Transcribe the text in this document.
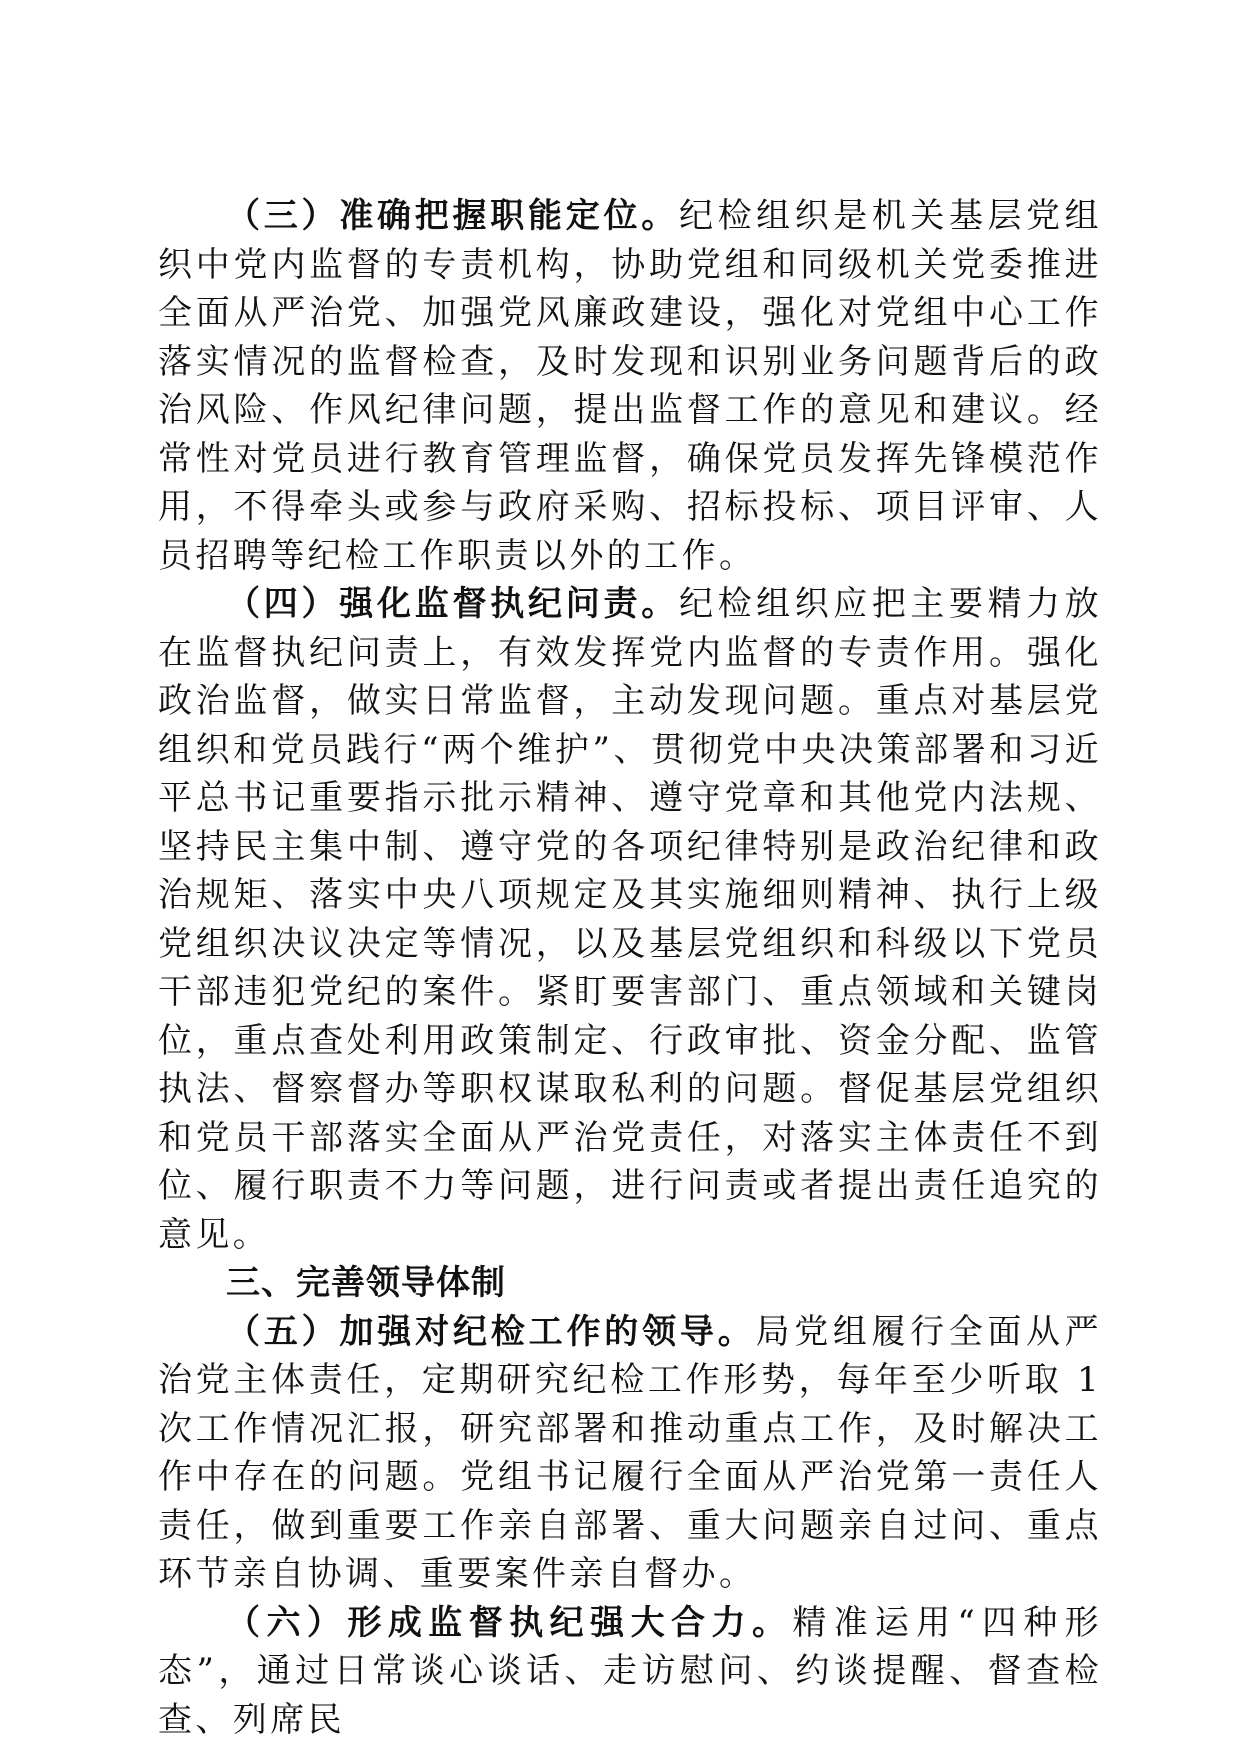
（三）准确把握职能定位。纪检组织是机关基层党组织中党内监督的专责机构，协助党组和同级机关党委推进全面从严治党、加强党风廉政建设，强化对党组中心工作落实情况的监督检查，及时发现和识别业务问题背后的政治风险、作风纪律问题，提出监督工作的意见和建议。经常性对党员进行教育管理监督，确保党员发挥先锋模范作用，不得牵头或参与政府采购、招标投标、项目评审、人员招聘等纪检工作职责以外的工作。

（四）强化监督执纪问责。纪检组织应把主要精力放在监督执纪问责上，有效发挥党内监督的专责作用。强化政治监督，做实日常监督，主动发现问题。重点对基层党组织和党员践行“两个维护”、贯彻党中央决策部署和习近平总书记重要指示批示精神、遵守党章和其他党内法规、坚持民主集中制、遵守党的各项纪律特别是政治纪律和政治规矩、落实中央八项规定及其实施细则精神、执行上级党组织决议决定等情况，以及基层党组织和科级以下党员干部违犯党纪的案件。紧盯要害部门、重点领域和关键岗位，重点查处利用政策制定、行政审批、资金分配、监管执法、督察督办等职权谋取私利的问题。督促基层党组织和党员干部落实全面从严治党责任，对落实主体责任不到位、履行职责不力等问题，进行问责或者提出责任追究的意见。

三、完善领导体制

（五）加强对纪检工作的领导。局党组履行全面从严治党主体责任，定期研究纪检工作形势，每年至少听取 1 次工作情况汇报，研究部署和推动重点工作，及时解决工作中存在的问题。党组书记履行全面从严治党第一责任人责任，做到重要工作亲自部署、重大问题亲自过问、重点环节亲自协调、重要案件亲自督办。

（六）形成监督执纪强大合力。精准运用“四种形态”，通过日常谈心谈话、走访慰问、约谈提醒、督查检查、列席民
